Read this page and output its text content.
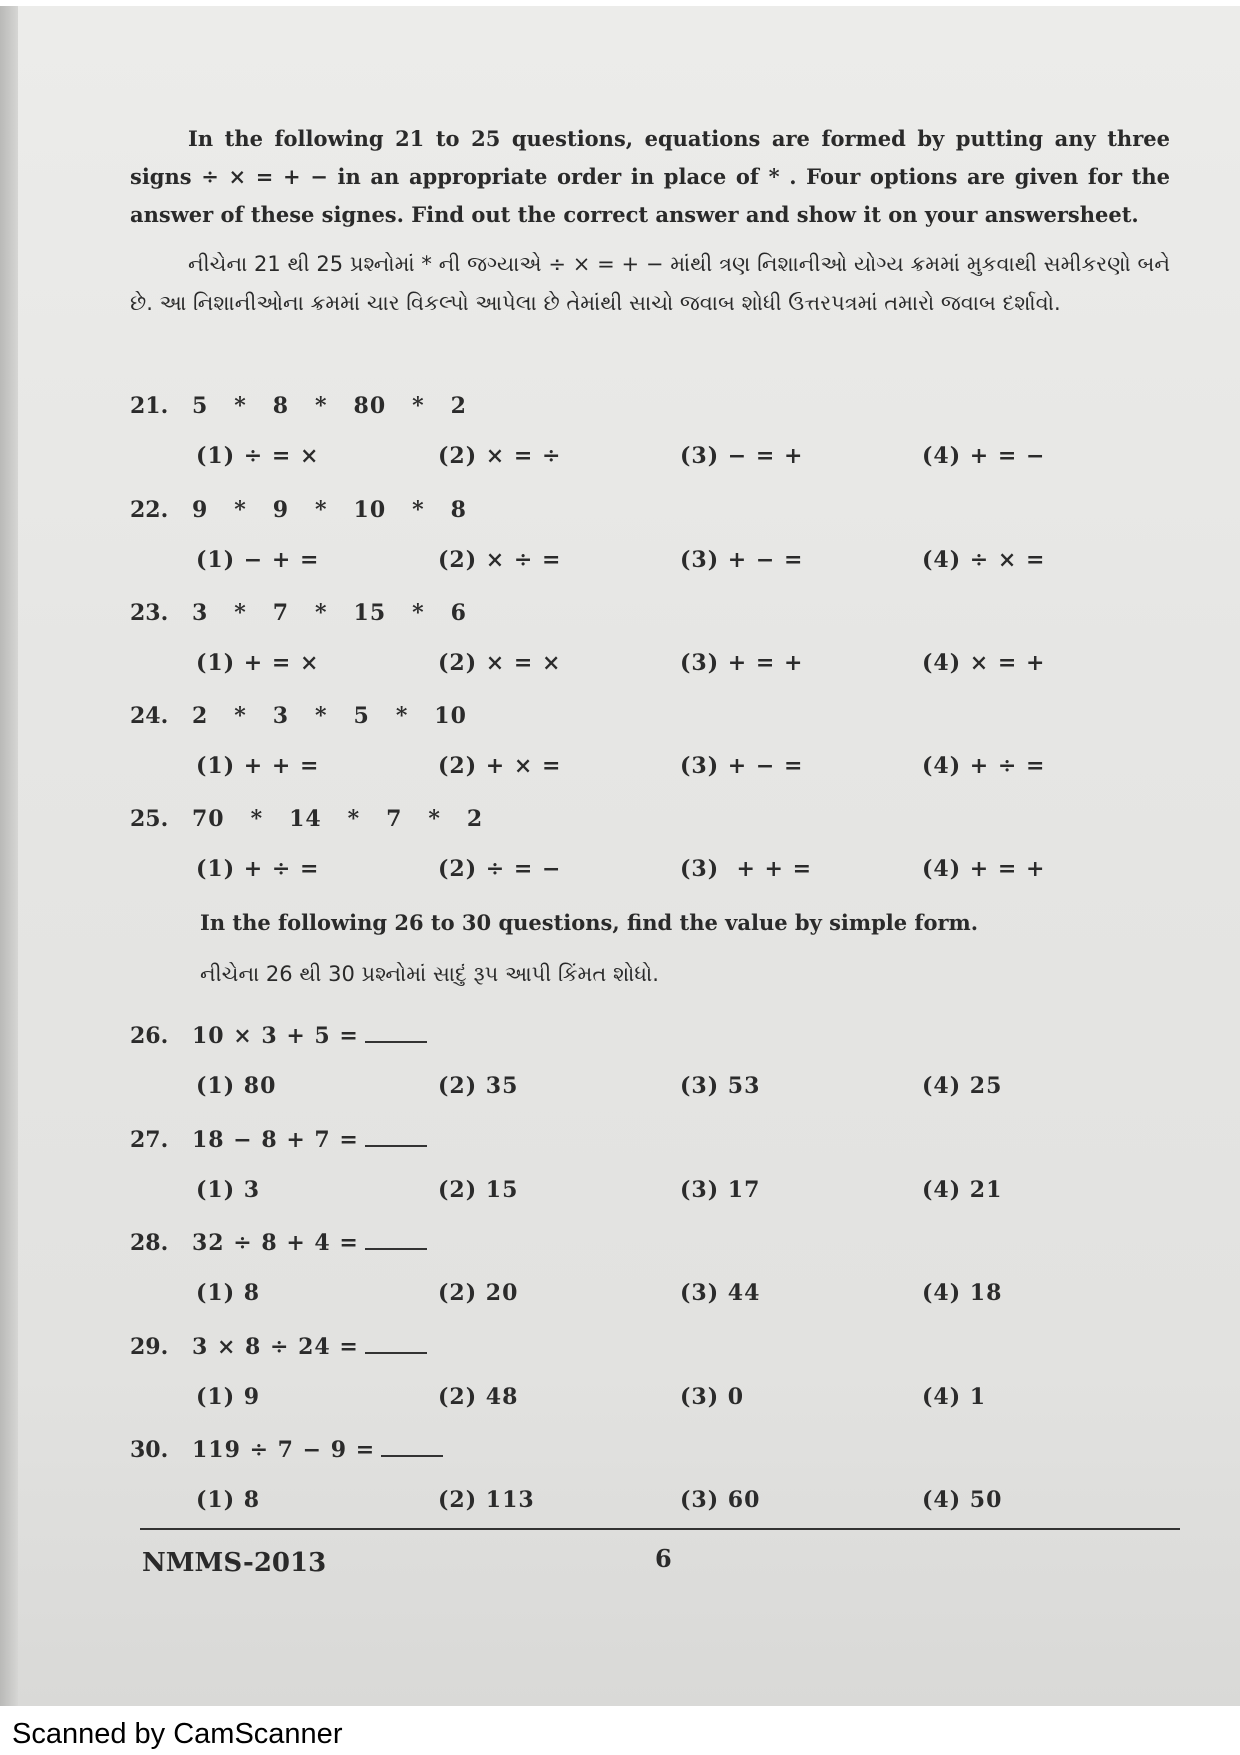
In the following 21 to 25 questions, equations are formed by putting any three signs ÷ × = + − in an appropriate order in place of * . Four options are given for the answer of these signes. Find out the correct answer and show it on your answersheet.
નીચેના 21 થી 25 પ્રશ્નોમાં * ની જગ્યાએ ÷ × = + − માંથી ત્રણ નિશાનીઓ યોગ્ય ક્રમમાં મુકવાથી સમીકરણો બને છે. આ નિશાનીઓના ક્રમમાં ચાર વિકલ્પો આપેલા છે તેમાંથી સાચો જવાબ શોધી ઉત્તરપત્રમાં તમારો જવાબ દર્શાવો.
21.	5   *   8   *   80   *   2
(1) ÷ = ×	(2) × = ÷	(3) − = +	(4) + = −
22.	9   *   9   *   10   *   8
(1) − + =	(2) × ÷ =	(3) + − =	(4) ÷ × =
23.	3   *   7   *   15   *   6
(1) + = ×	(2) × = ×	(3) + = +	(4) × = +
24.	2   *   3   *   5   *   10
(1) + + =	(2) + × =	(3) + − =	(4) + ÷ =
25.	70   *   14   *   7   *   2
(1) + ÷ =	(2) ÷ = −	(3)  + + =	(4) + = +
In the following 26 to 30 questions, find the value by simple form.
નીચેના 26 થી 30 પ્રશ્નોમાં સાદું રૂપ આપી કિંમત શોધો.
26.	10 × 3 + 5 =
(1) 80	(2) 35	(3) 53	(4) 25
27.	18 − 8 + 7 =
(1) 3	(2) 15	(3) 17	(4) 21
28.	32 ÷ 8 + 4 =
(1) 8	(2) 20	(3) 44	(4) 18
29.	3 × 8 ÷ 24 =
(1) 9	(2) 48	(3) 0	(4) 1
30.	119 ÷ 7 − 9 =
(1) 8	(2) 113	(3) 60	(4) 50
NMMS-2013	6
Scanned by CamScanner
